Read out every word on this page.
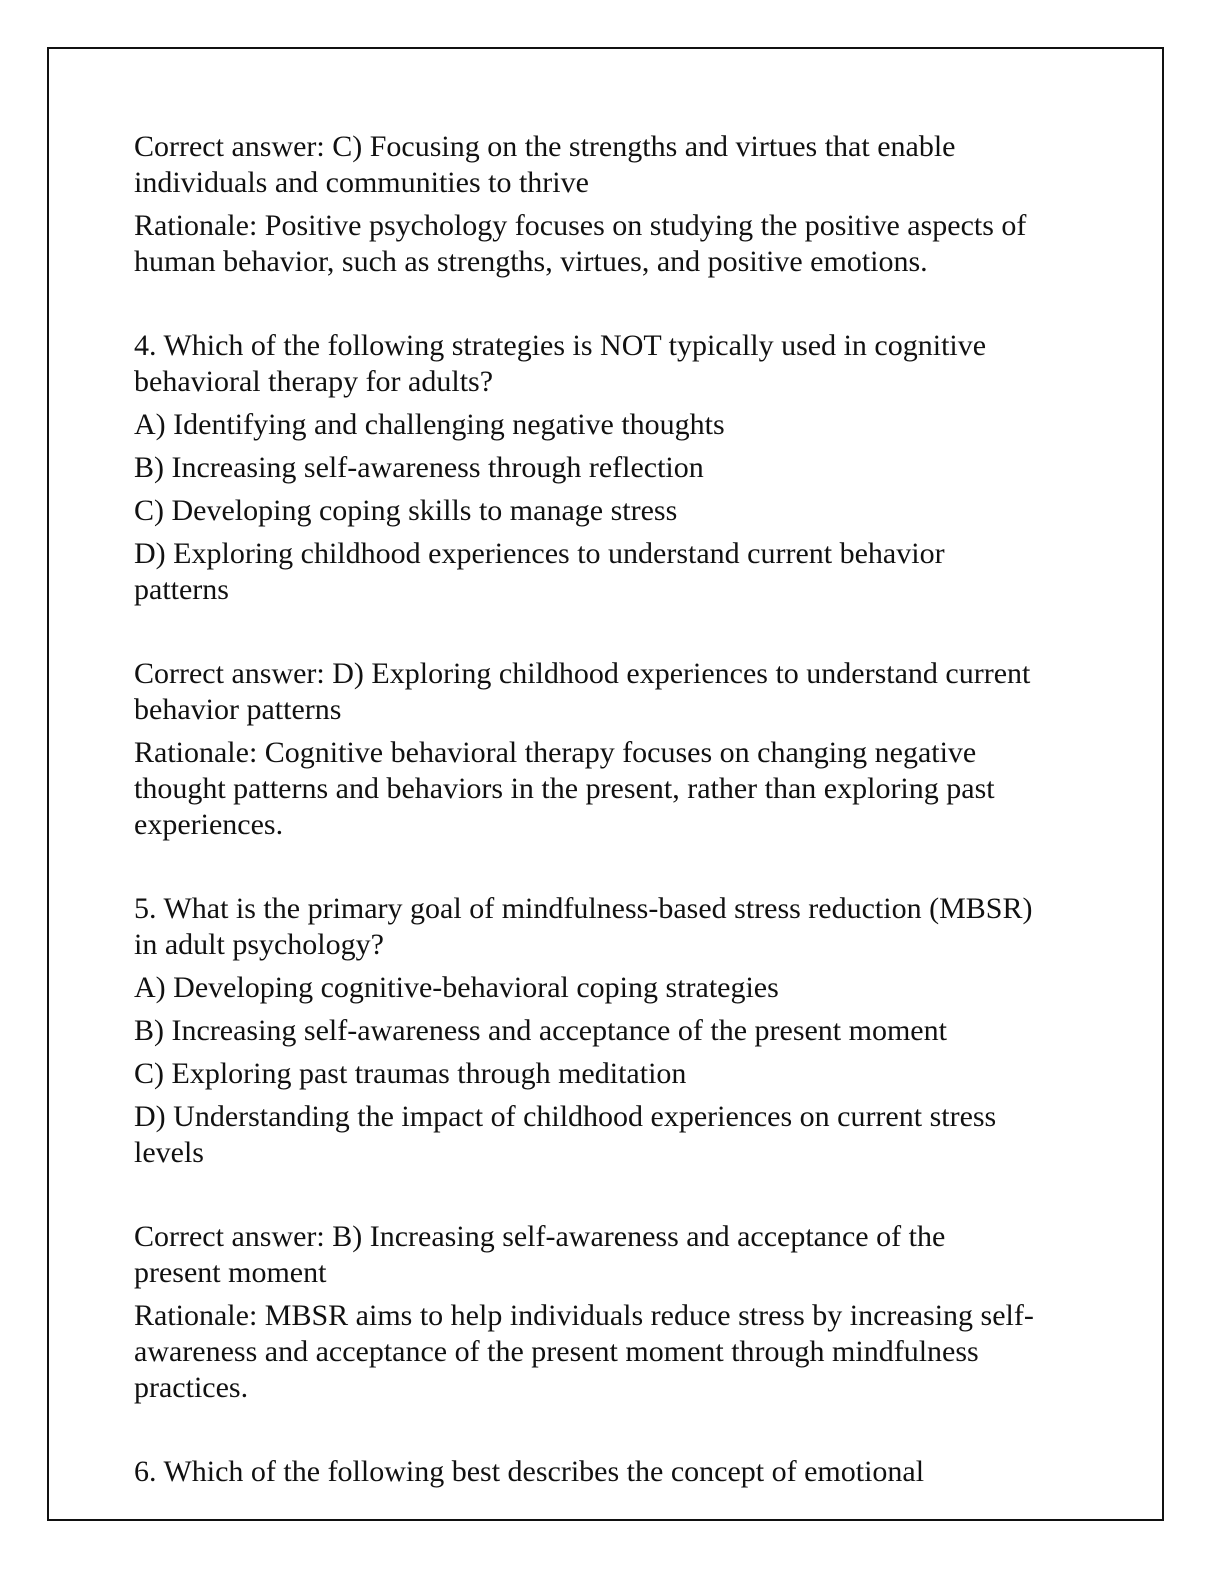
Correct answer: C) Focusing on the strengths and virtues that enable individuals and communities to thrive

Rationale: Positive psychology focuses on studying the positive aspects of human behavior, such as strengths, virtues, and positive emotions.

4. Which of the following strategies is NOT typically used in cognitive behavioral therapy for adults?

A) Identifying and challenging negative thoughts

B) Increasing self-awareness through reflection

C) Developing coping skills to manage stress

D) Exploring childhood experiences to understand current behavior patterns

Correct answer: D) Exploring childhood experiences to understand current behavior patterns

Rationale: Cognitive behavioral therapy focuses on changing negative thought patterns and behaviors in the present, rather than exploring past experiences.

5. What is the primary goal of mindfulness-based stress reduction (MBSR) in adult psychology?

A) Developing cognitive-behavioral coping strategies

B) Increasing self-awareness and acceptance of the present moment

C) Exploring past traumas through meditation

D) Understanding the impact of childhood experiences on current stress levels

Correct answer: B) Increasing self-awareness and acceptance of the present moment

Rationale: MBSR aims to help individuals reduce stress by increasing self-awareness and acceptance of the present moment through mindfulness practices.

6. Which of the following best describes the concept of emotional
